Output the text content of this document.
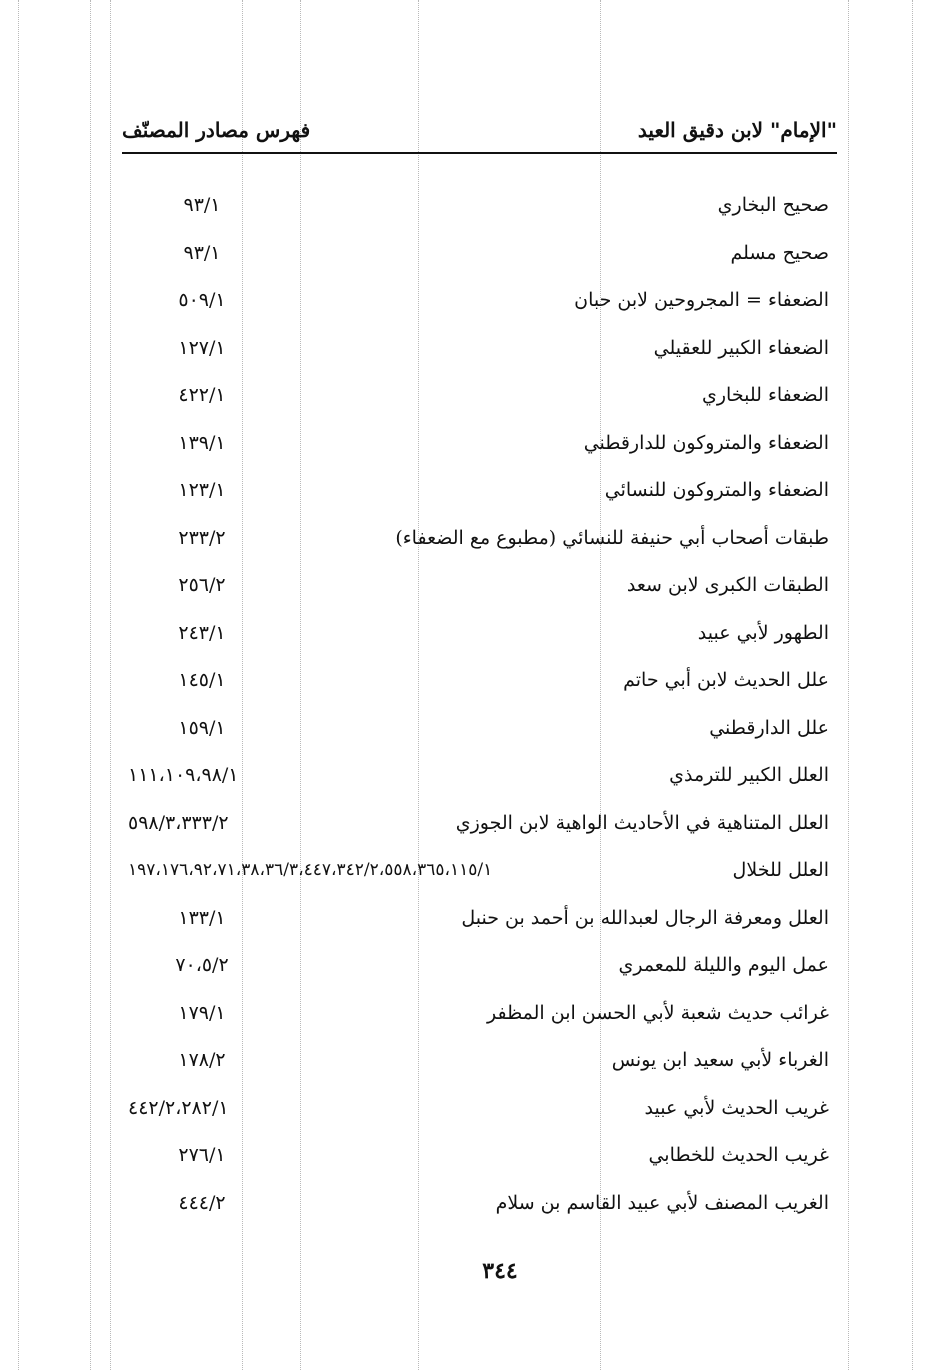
"الإمام" لابن دقيق العيد
فهرس مصادر المصنّف
صحيح البخاري
٩٣/١
صحيح مسلم
٩٣/١
الضعفاء = المجروحين لابن حبان
٥٠٩/١
الضعفاء الكبير للعقيلي
١٢٧/١
الضعفاء للبخاري
٤٢٢/١
الضعفاء والمتروكون للدارقطني
١٣٩/١
الضعفاء والمتروكون للنسائي
١٢٣/١
طبقات أصحاب أبي حنيفة للنسائي (مطبوع مع الضعفاء)
٢٣٣/٢
الطبقات الكبرى لابن سعد
٢٥٦/٢
الطهور لأبي عبيد
٢٤٣/١
علل الحديث لابن أبي حاتم
١٤٥/١
علل الدارقطني
١٥٩/١
العلل الكبير للترمذي
١١١،١٠٩،٩٨/١
العلل المتناهية في الأحاديث الواهية لابن الجوزي
٥٩٨/٣،٣٣٣/٢
العلل للخلال
١٩٧،١٧٦،٩٢،٧١،٣٨،٣٦/٣،٤٤٧،٣٤٢/٢،٥٥٨،٣٦٥،١١٥/١
العلل ومعرفة الرجال لعبدالله بن أحمد بن حنبل
١٣٣/١
عمل اليوم والليلة للمعمري
٧٠،٥/٢
غرائب حديث شعبة لأبي الحسن ابن المظفر
١٧٩/١
الغرباء لأبي سعيد ابن يونس
١٧٨/٢
غريب الحديث لأبي عبيد
٤٤٢/٢،٢٨٢/١
غريب الحديث للخطابي
٢٧٦/١
الغريب المصنف لأبي عبيد القاسم بن سلام
٤٤٤/٢
٣٤٤
